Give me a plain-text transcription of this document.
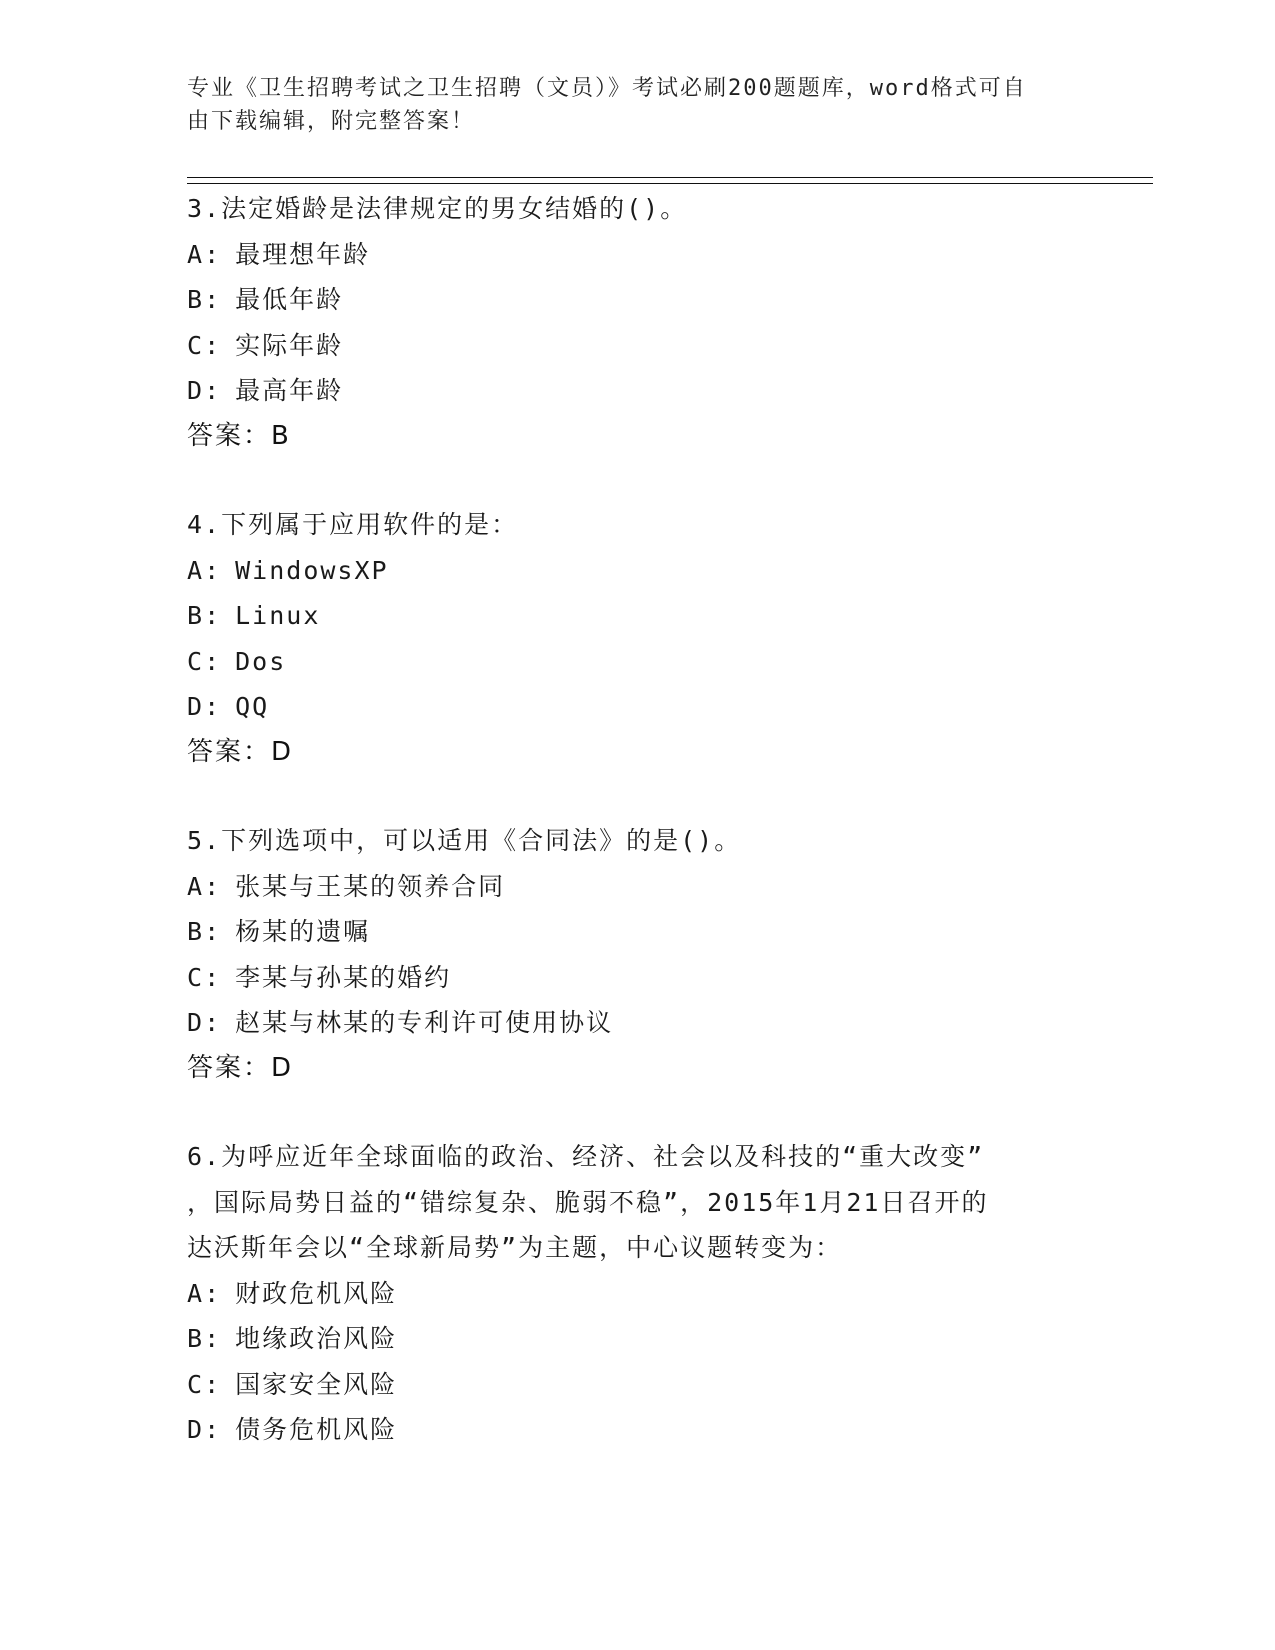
专业《卫生招聘考试之卫生招聘（文员）》考试必刷200题题库，word格式可自
由下载编辑，附完整答案！
3.法定婚龄是法律规定的男女结婚的()。
A: 最理想年龄
B: 最低年龄
C: 实际年龄
D: 最高年龄
答案：B
4.下列属于应用软件的是：
A: WindowsXP
B: Linux
C: Dos
D: QQ
答案：D
5.下列选项中，可以适用《合同法》的是()。
A: 张某与王某的领养合同
B: 杨某的遗嘱
C: 李某与孙某的婚约
D: 赵某与林某的专利许可使用协议
答案：D
6.为呼应近年全球面临的政治、经济、社会以及科技的“重大改变”
，国际局势日益的“错综复杂、脆弱不稳”，2015年1月21日召开的
达沃斯年会以“全球新局势”为主题，中心议题转变为：
A: 财政危机风险
B: 地缘政治风险
C: 国家安全风险
D: 债务危机风险
